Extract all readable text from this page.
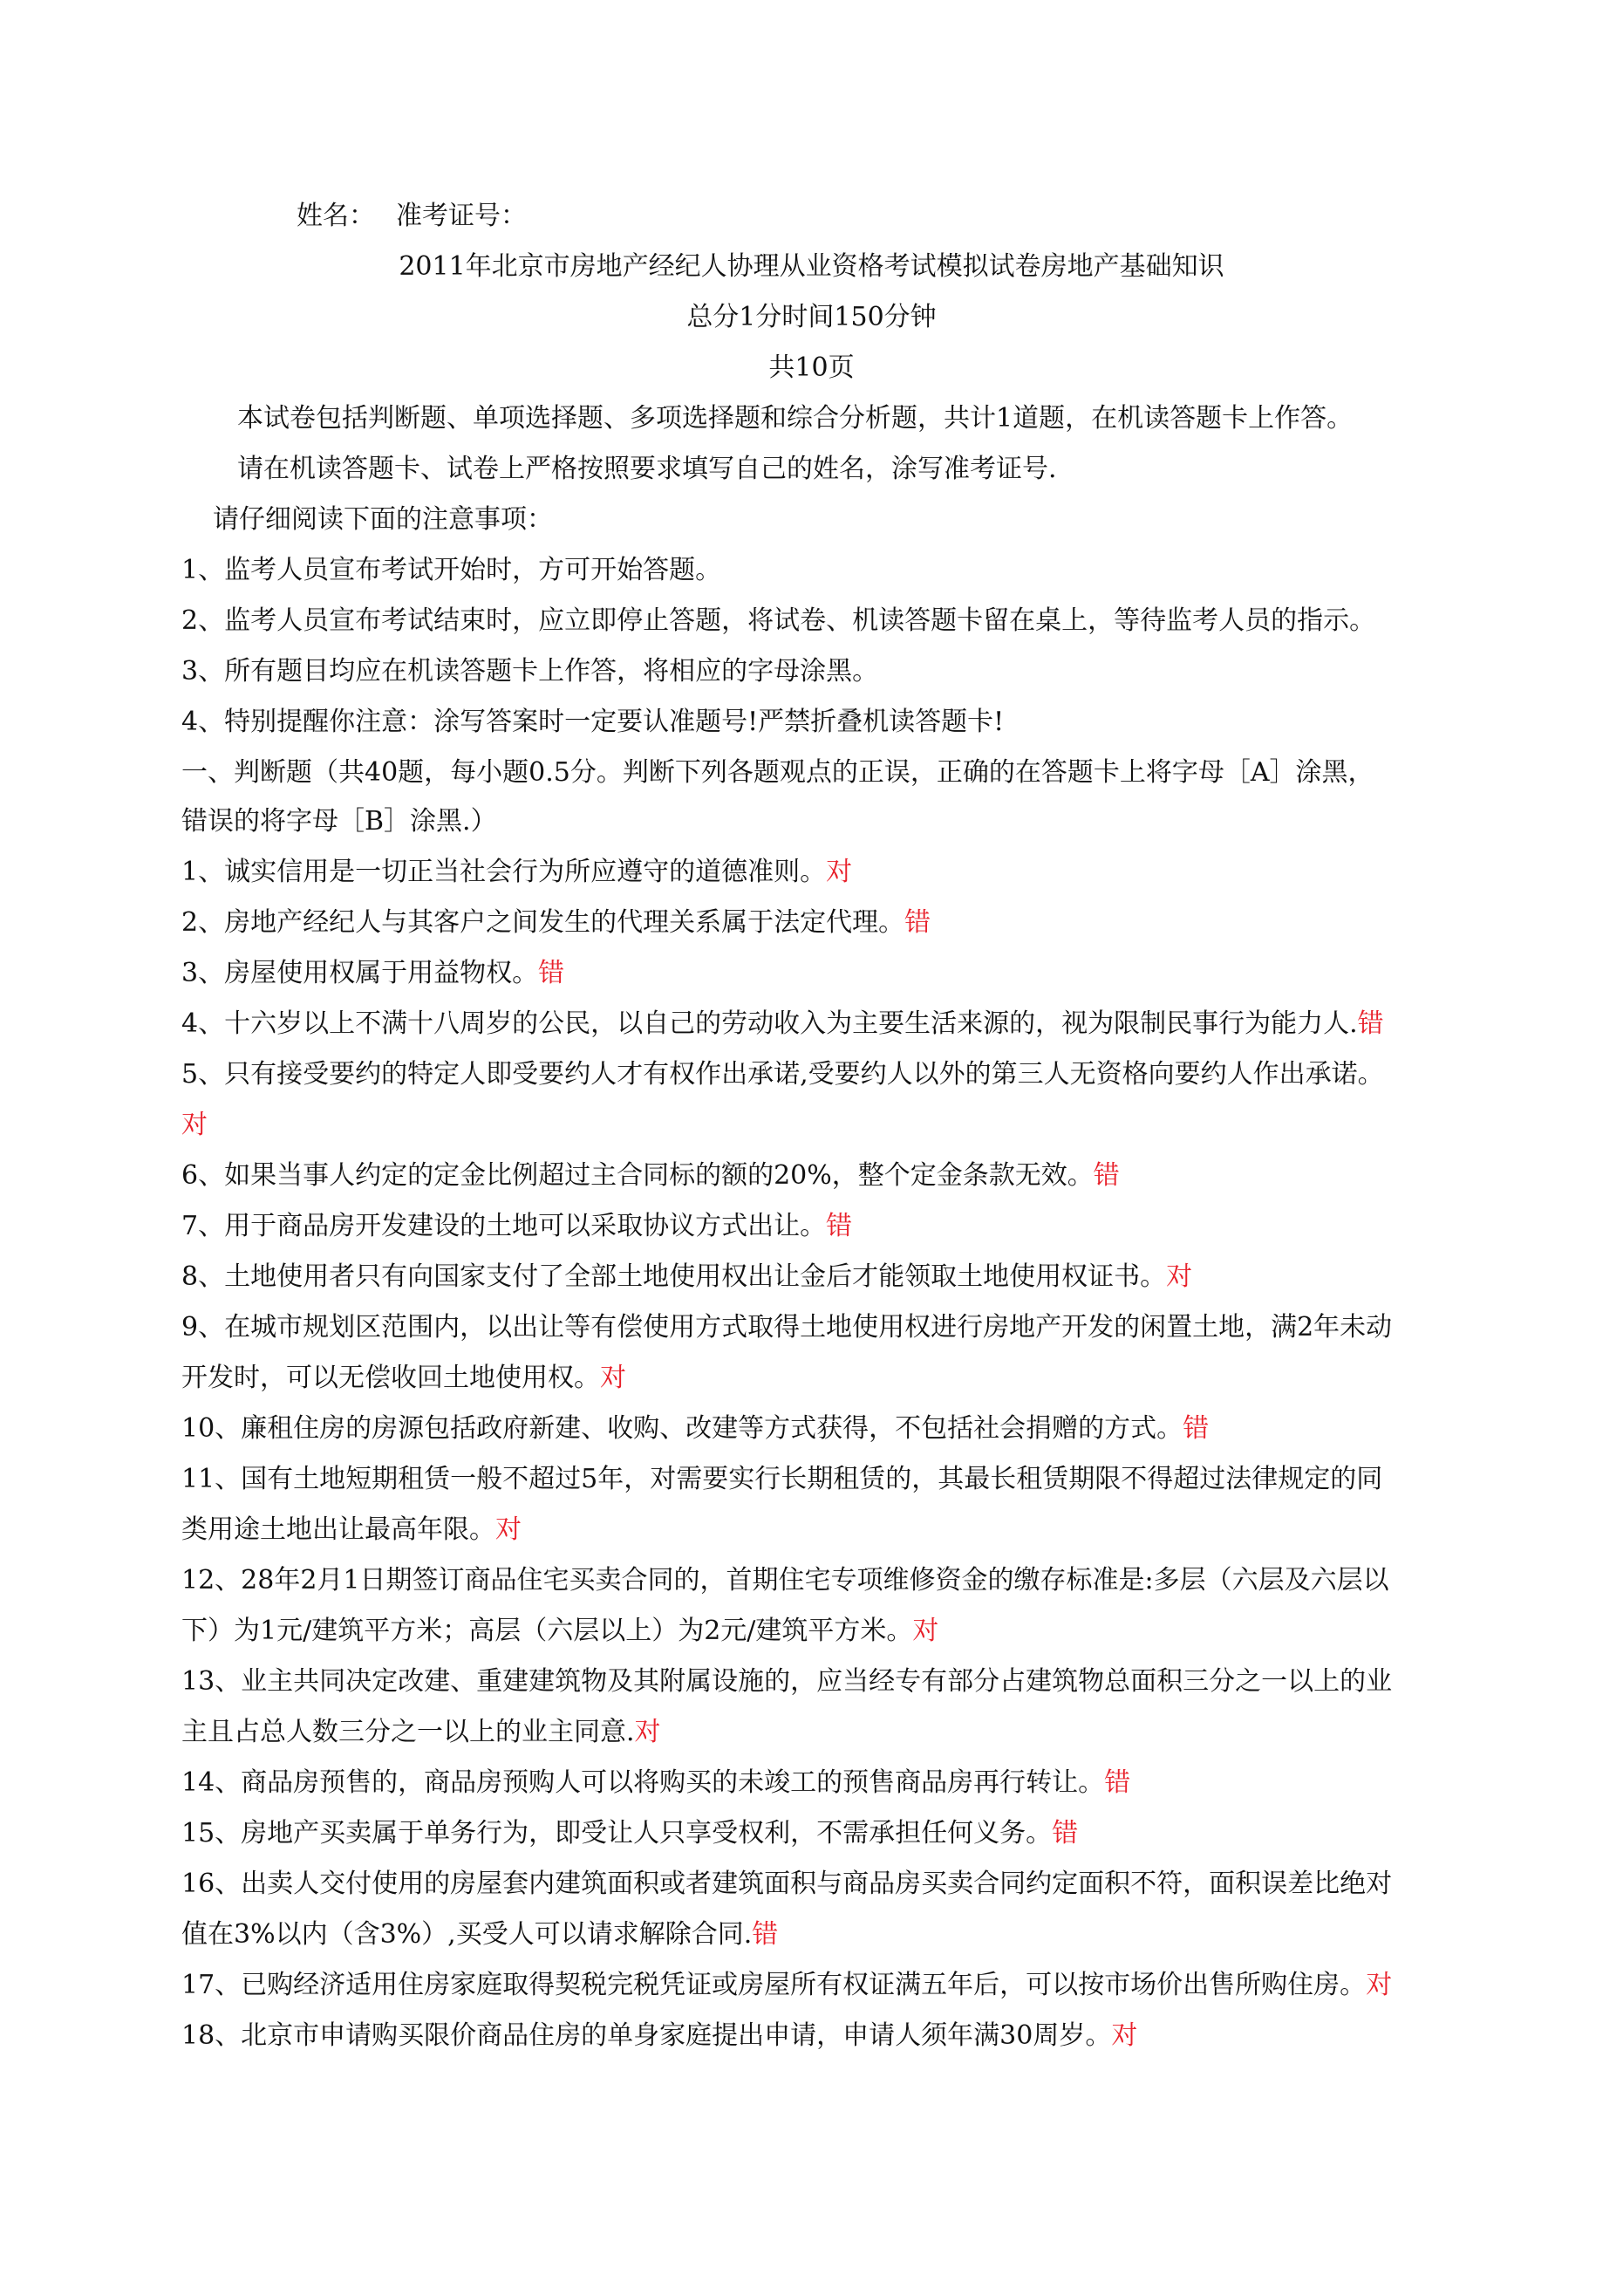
姓名： 准考证号：
2011年北京市房地产经纪人协理从业资格考试模拟试卷房地产基础知识
总分1分时间150分钟
共10页
本试卷包括判断题、单项选择题、多项选择题和综合分析题，共计1道题，在机读答题卡上作答。
请在机读答题卡、试卷上严格按照要求填写自己的姓名，涂写准考证号.
请仔细阅读下面的注意事项：
1、监考人员宣布考试开始时，方可开始答题。
2、监考人员宣布考试结束时，应立即停止答题，将试卷、机读答题卡留在桌上，等待监考人员的指示。
3、所有题目均应在机读答题卡上作答，将相应的字母涂黑。
4、特别提醒你注意：涂写答案时一定要认准题号!严禁折叠机读答题卡!
一、判断题（共40题，每小题0.5分。判断下列各题观点的正误，正确的在答题卡上将字母［A］涂黑，
错误的将字母［B］涂黑.）
1、诚实信用是一切正当社会行为所应遵守的道德准则。对
2、房地产经纪人与其客户之间发生的代理关系属于法定代理。错
3、房屋使用权属于用益物权。错
4、十六岁以上不满十八周岁的公民，以自己的劳动收入为主要生活来源的，视为限制民事行为能力人.错
5、只有接受要约的特定人即受要约人才有权作出承诺,受要约人以外的第三人无资格向要约人作出承诺。
对
6、如果当事人约定的定金比例超过主合同标的额的20%，整个定金条款无效。错
7、用于商品房开发建设的土地可以采取协议方式出让。错
8、土地使用者只有向国家支付了全部土地使用权出让金后才能领取土地使用权证书。对
9、在城市规划区范围内，以出让等有偿使用方式取得土地使用权进行房地产开发的闲置土地，满2年未动
开发时，可以无偿收回土地使用权。对
10、廉租住房的房源包括政府新建、收购、改建等方式获得，不包括社会捐赠的方式。错
11、国有土地短期租赁一般不超过5年，对需要实行长期租赁的，其最长租赁期限不得超过法律规定的同
类用途土地出让最高年限。对
12、28年2月1日期签订商品住宅买卖合同的，首期住宅专项维修资金的缴存标准是:多层（六层及六层以
下）为1元/建筑平方米；高层（六层以上）为2元/建筑平方米。对
13、业主共同决定改建、重建建筑物及其附属设施的，应当经专有部分占建筑物总面积三分之一以上的业
主且占总人数三分之一以上的业主同意.对
14、商品房预售的，商品房预购人可以将购买的未竣工的预售商品房再行转让。错
15、房地产买卖属于单务行为，即受让人只享受权利，不需承担任何义务。错
16、出卖人交付使用的房屋套内建筑面积或者建筑面积与商品房买卖合同约定面积不符，面积误差比绝对
值在3%以内（含3%）,买受人可以请求解除合同.错
17、已购经济适用住房家庭取得契税完税凭证或房屋所有权证满五年后，可以按市场价出售所购住房。对
18、北京市申请购买限价商品住房的单身家庭提出申请，申请人须年满30周岁。对
